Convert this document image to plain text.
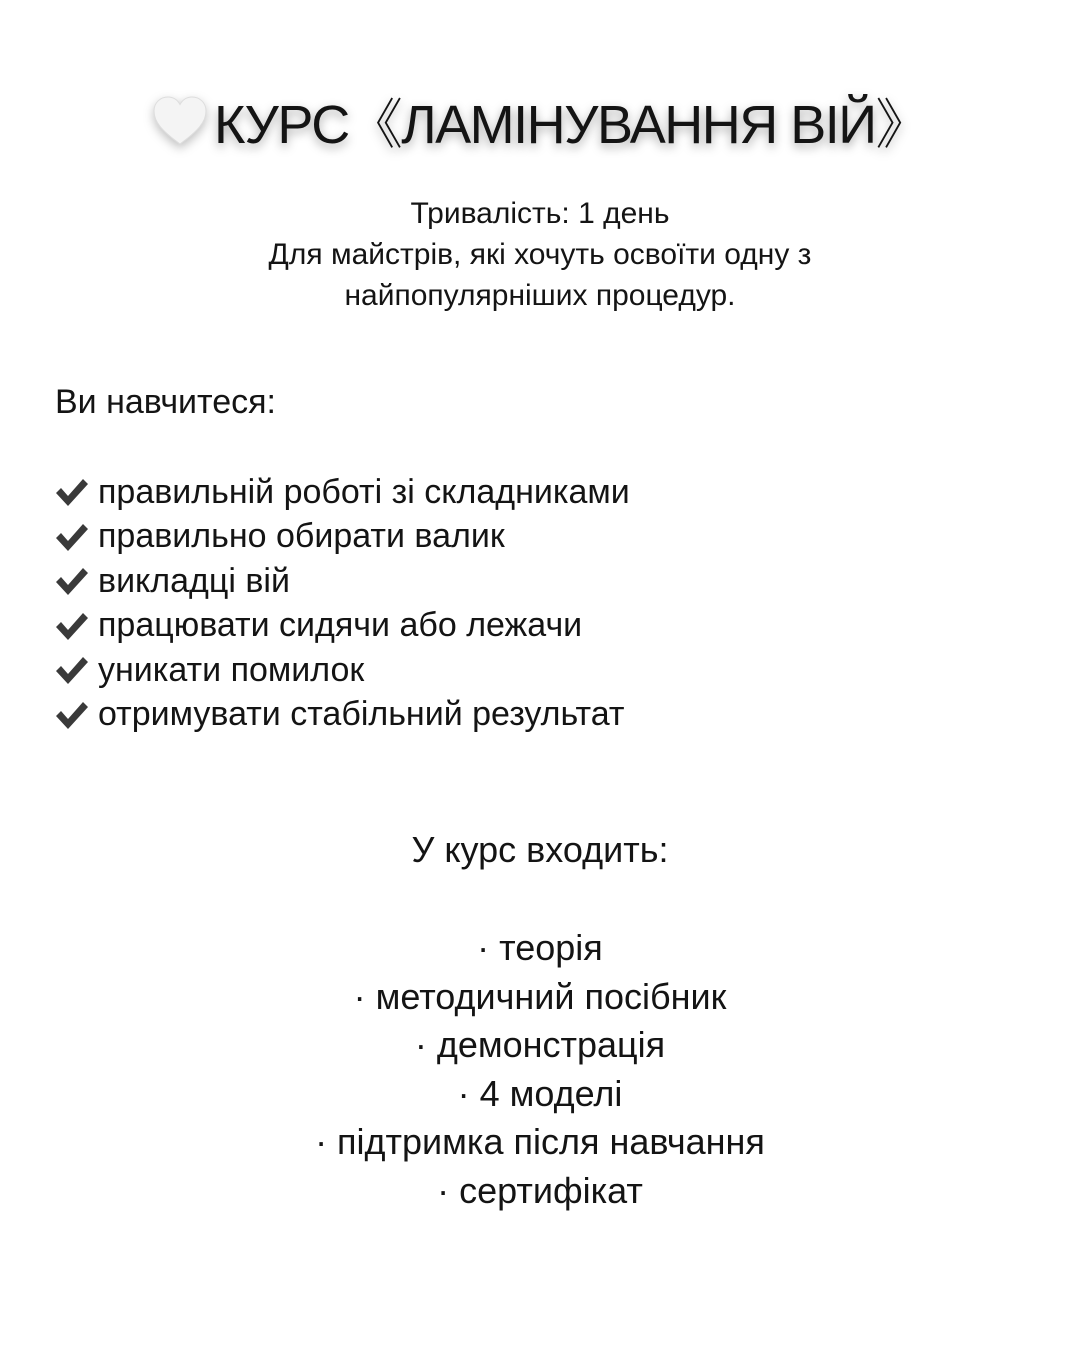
КУРС《ЛАМІНУВАННЯ ВІЙ》
Тривалість: 1 день
Для майстрів, які хочуть освоїти одну з
найпопулярніших процедур.
Ви навчитеся:
правильній роботі зі складниками
правильно обирати валик
викладці вій
працювати сидячи або лежачи
уникати помилок
отримувати стабільний результат
У курс входить:
· теорія
· методичний посібник
· демонстрація
· 4 моделі
· підтримка після навчання
· сертифікат
